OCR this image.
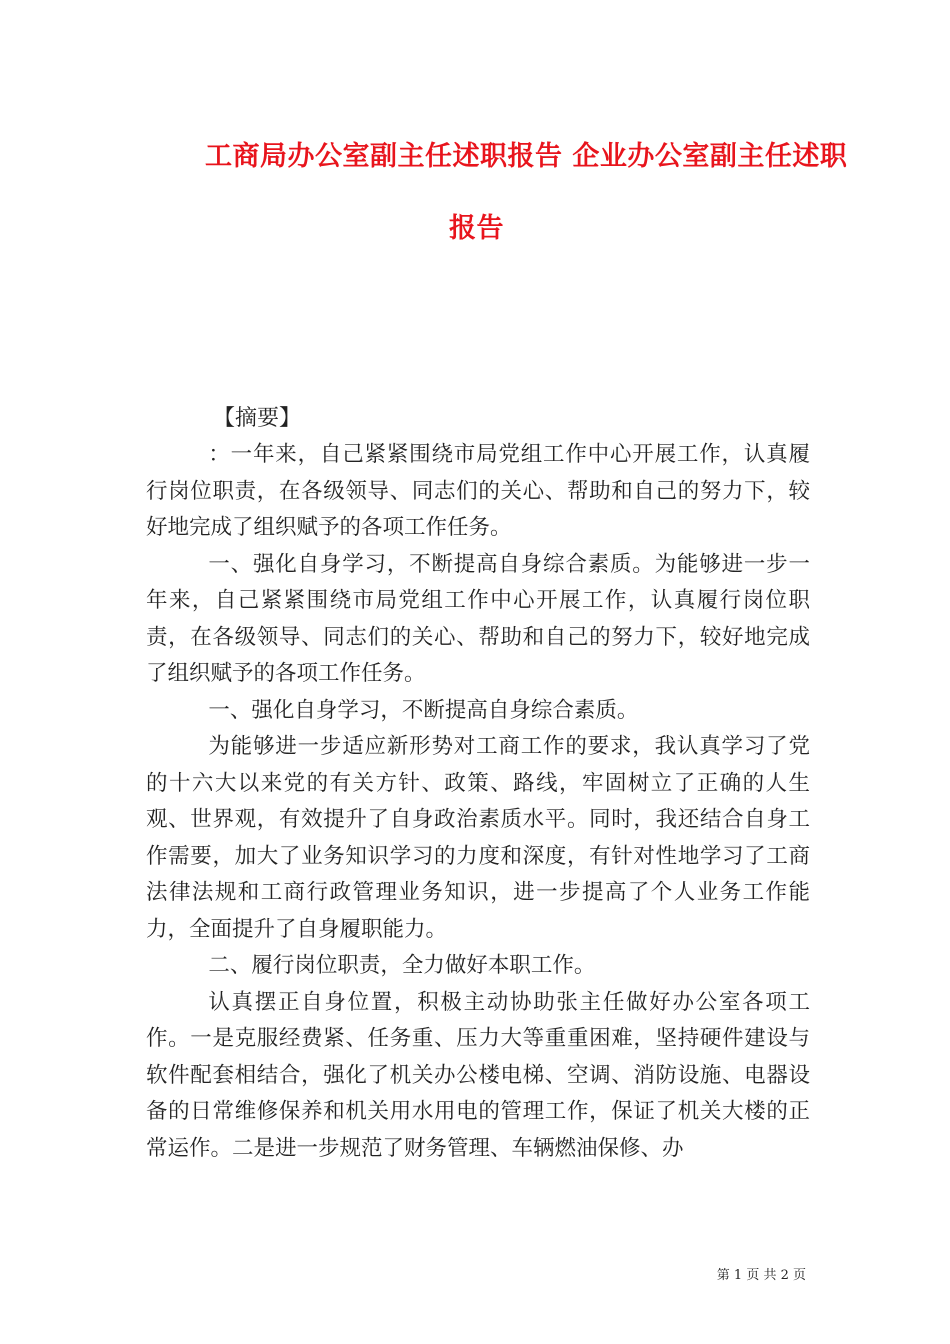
工商局办公室副主任述职报告 企业办公室副主任述职
报告
【摘要】

：一年来，自己紧紧围绕市局党组工作中心开展工作，认真履行岗位职责，在各级领导、同志们的关心、帮助和自己的努力下，较好地完成了组织赋予的各项工作任务。

一、强化自身学习，不断提高自身综合素质。为能够进一步一年来，自己紧紧围绕市局党组工作中心开展工作，认真履行岗位职责，在各级领导、同志们的关心、帮助和自己的努力下，较好地完成了组织赋予的各项工作任务。

一、强化自身学习，不断提高自身综合素质。

为能够进一步适应新形势对工商工作的要求，我认真学习了党的十六大以来党的有关方针、政策、路线，牢固树立了正确的人生观、世界观，有效提升了自身政治素质水平。同时，我还结合自身工作需要，加大了业务知识学习的力度和深度，有针对性地学习了工商法律法规和工商行政管理业务知识，进一步提高了个人业务工作能力，全面提升了自身履职能力。

二、履行岗位职责，全力做好本职工作。

认真摆正自身位置，积极主动协助张主任做好办公室各项工作。一是克服经费紧、任务重、压力大等重重困难，坚持硬件建设与软件配套相结合，强化了机关办公楼电梯、空调、消防设施、电器设备的日常维修保养和机关用水用电的管理工作，保证了机关大楼的正常运作。二是进一步规范了财务管理、车辆燃油保修、办

第 1 页 共 2 页
